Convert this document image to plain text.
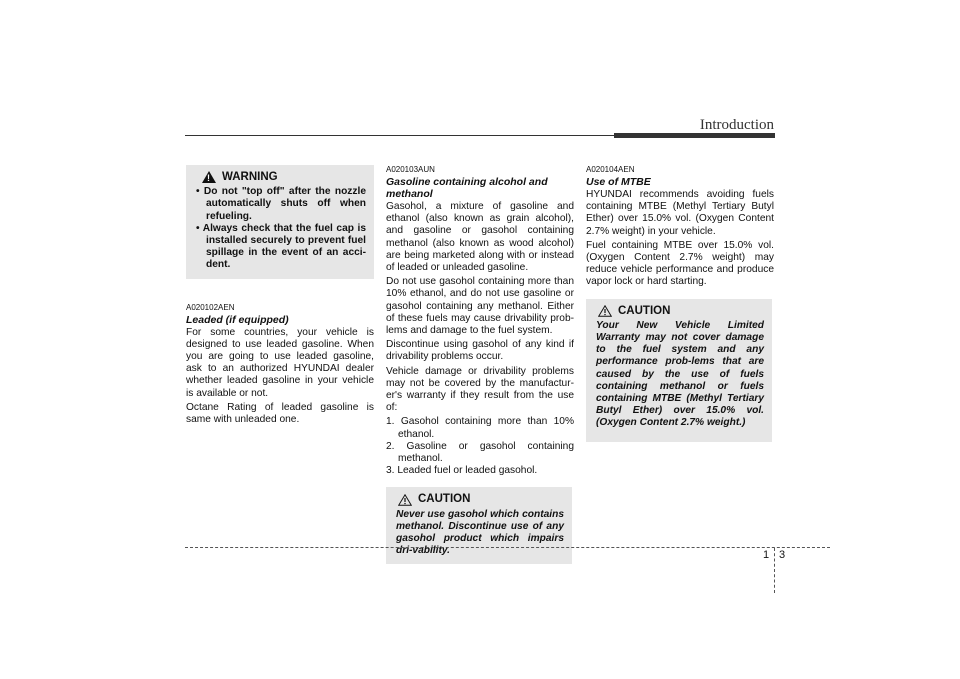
Introduction
!
WARNING

• Do not "top off" after the nozzle automatically shuts off when refueling.

• Always check that the fuel cap is installed securely to prevent fuel spillage in the event of an acci-dent.

A020102AEN
Leaded (if equipped)

For some countries, your vehicle is designed to use leaded gasoline. When you are going to use leaded gasoline, ask to an authorized HYUNDAI dealer whether leaded gasoline in your vehicle is available or not.

Octane Rating of leaded gasoline is same with unleaded one.

A020103AUN
Gasoline containing alcohol and methanol

Gasohol, a mixture of gasoline and ethanol (also known as grain alcohol), and gasoline or gasohol containing methanol (also known as wood alcohol) are being marketed along with or instead of leaded or unleaded gasoline.

Do not use gasohol containing more than 10% ethanol, and do not use gasoline or gasohol containing any methanol. Either of these fuels may cause drivability prob-lems and damage to the fuel system.

Discontinue using gasohol of any kind if drivability problems occur.

Vehicle damage or drivability problems may not be covered by the manufactur-er's warranty if they result from the use of:

1. Gasohol containing more than 10% ethanol.

2. Gasoline or gasohol containing methanol.

3. Leaded fuel or leaded gasohol.

CAUTION
Never use gasohol which contains methanol. Discontinue use of any gasohol product which impairs dri-vability.
A020104AEN
Use of MTBE

HYUNDAI recommends avoiding fuels containing MTBE (Methyl Tertiary Butyl Ether) over 15.0% vol. (Oxygen Content 2.7% weight) in your vehicle.

Fuel containing MTBE over 15.0% vol. (Oxygen Content 2.7% weight) may reduce vehicle performance and produce vapor lock or hard starting.

CAUTION
Your New Vehicle Limited Warranty may not cover damage to the fuel system and any performance prob-lems that are caused by the use of fuels containing methanol or fuels containing MTBE (Methyl Tertiary Butyl Ether) over 15.0% vol. (Oxygen Content 2.7% weight.)
1 3
